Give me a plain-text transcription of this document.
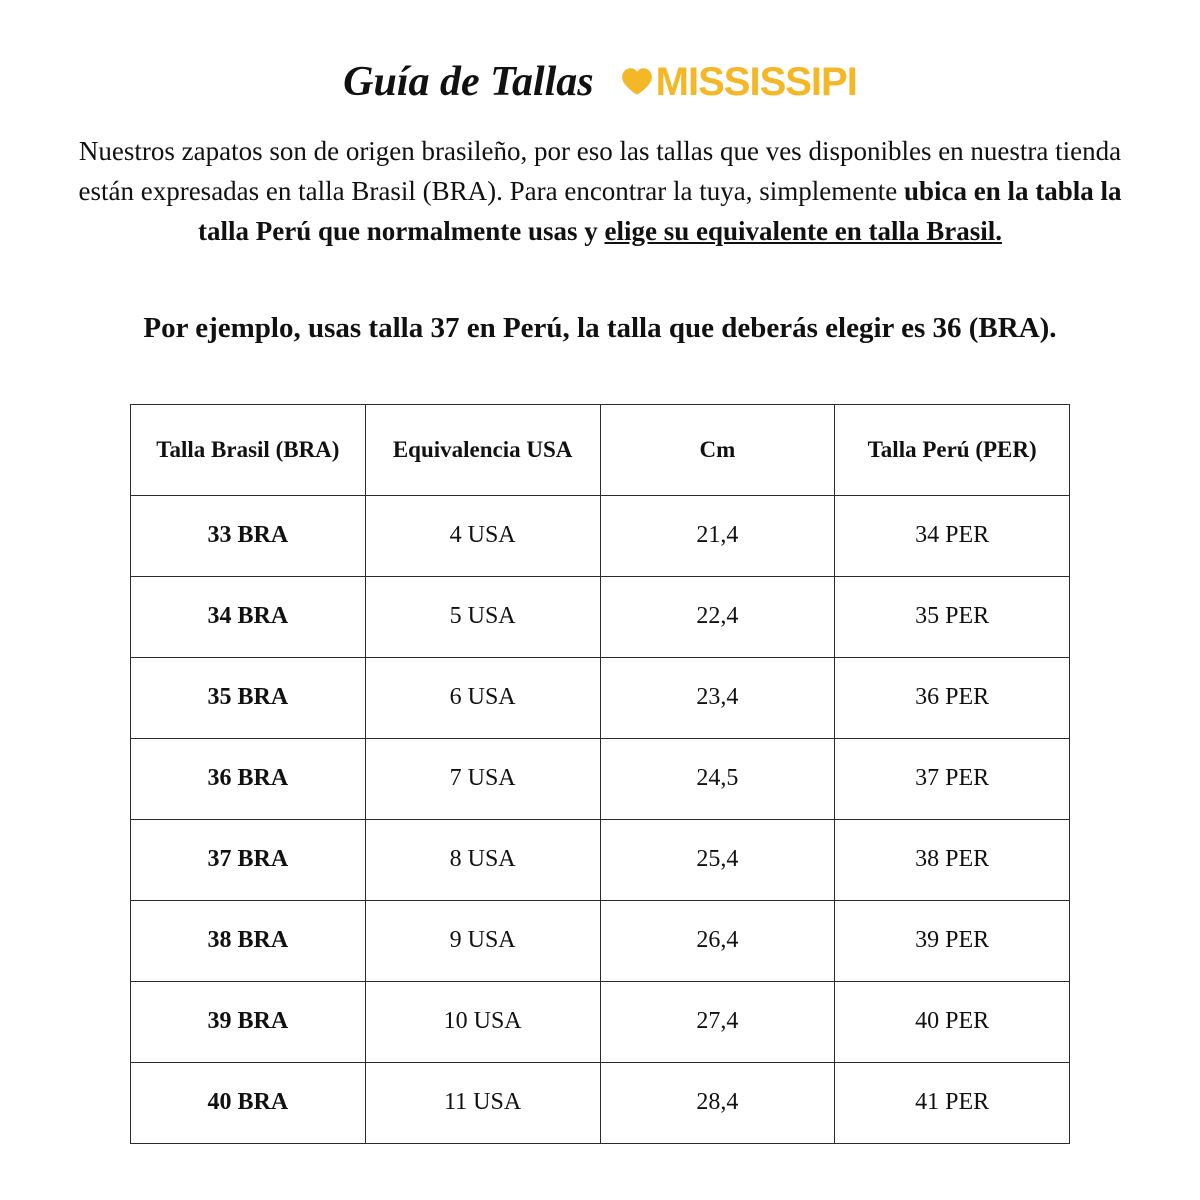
Guía de Tallas MISSISSIPI

Nuestros zapatos son de origen brasileño, por eso las tallas que ves disponibles en nuestra tienda están expresadas en talla Brasil (BRA). Para encontrar la tuya, simplemente ubica en la tabla la talla Perú que normalmente usas y elige su equivalente en talla Brasil.

Por ejemplo, usas talla 37 en Perú, la talla que deberás elegir es 36 (BRA).

Talla Brasil (BRA)	Equivalencia USA	Cm	Talla Perú (PER)
33 BRA	4 USA	21,4	34 PER
34 BRA	5 USA	22,4	35 PER
35 BRA	6 USA	23,4	36 PER
36 BRA	7 USA	24,5	37 PER
37 BRA	8 USA	25,4	38 PER
38 BRA	9 USA	26,4	39 PER
39 BRA	10 USA	27,4	40 PER
40 BRA	11 USA	28,4	41 PER
